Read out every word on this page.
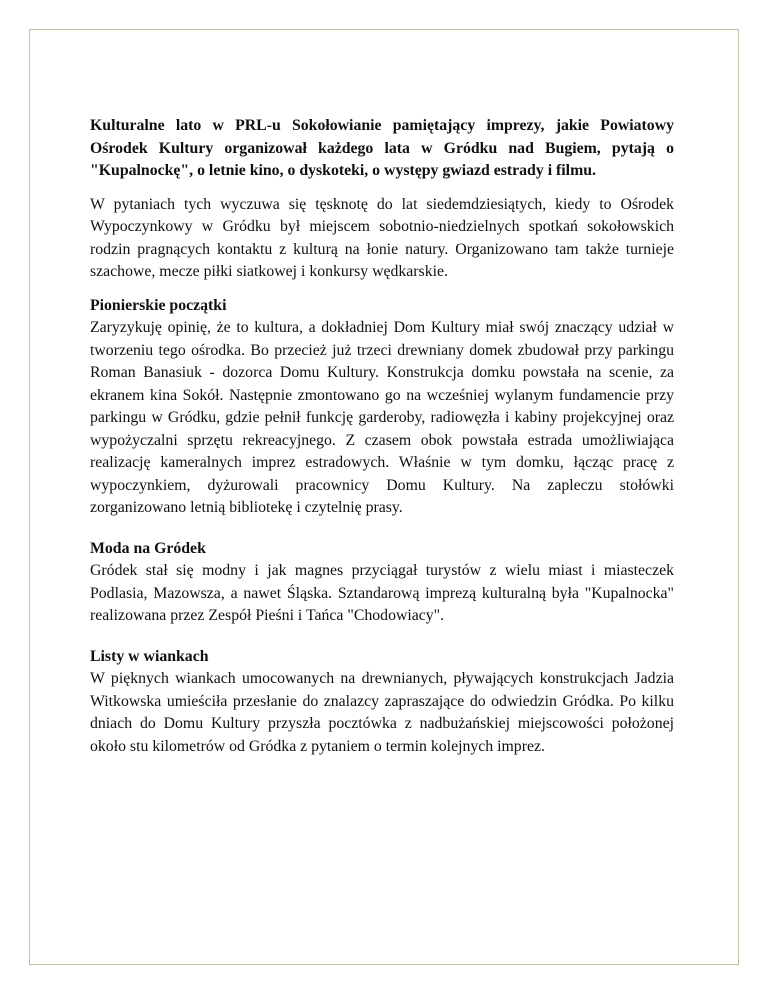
Kulturalne lato w PRL-u Sokołowianie pamiętający imprezy, jakie Powiatowy Ośrodek Kultury organizował każdego lata w Gródku nad Bugiem, pytają o "Kupalnockę", o letnie kino, o dyskoteki, o występy gwiazd estrady i filmu.

W pytaniach tych wyczuwa się tęsknotę do lat siedemdziesiątych, kiedy to Ośrodek Wypoczynkowy w Gródku był miejscem sobotnio-niedzielnych spotkań sokołowskich rodzin pragnących kontaktu z kulturą na łonie natury. Organizowano tam także turnieje szachowe, mecze piłki siatkowej i konkursy wędkarskie.

Pionierskie początki

Zaryzykuję opinię, że to kultura, a dokładniej Dom Kultury miał swój znaczący udział w tworzeniu tego ośrodka. Bo przecież już trzeci drewniany domek zbudował przy parkingu Roman Banasiuk - dozorca Domu Kultury. Konstrukcja domku powstała na scenie, za ekranem kina Sokół. Następnie zmontowano go na wcześniej wylanym fundamencie przy parkingu w Gródku, gdzie pełnił funkcję garderoby, radiowęzła i kabiny projekcyjnej oraz wypożyczalni sprzętu rekreacyjnego. Z czasem obok powstała estrada umożliwiająca realizację kameralnych imprez estradowych. Właśnie w tym domku, łącząc pracę z wypoczynkiem, dyżurowali pracownicy Domu Kultury. Na zapleczu stołówki zorganizowano letnią bibliotekę i czytelnię prasy.

Moda na Gródek

Gródek stał się modny i jak magnes przyciągał turystów z wielu miast i miasteczek Podlasia, Mazowsza, a nawet Śląska. Sztandarową imprezą kulturalną była "Kupalnocka" realizowana przez Zespół Pieśni i Tańca "Chodowiacy".

Listy w wiankach

W pięknych wiankach umocowanych na drewnianych, pływających konstrukcjach Jadzia Witkowska umieściła przesłanie do znalazcy zapraszające do odwiedzin Gródka. Po kilku dniach do Domu Kultury przyszła pocztówka z nadbużańskiej miejscowości położonej około stu kilometrów od Gródka z pytaniem o termin kolejnych imprez.
